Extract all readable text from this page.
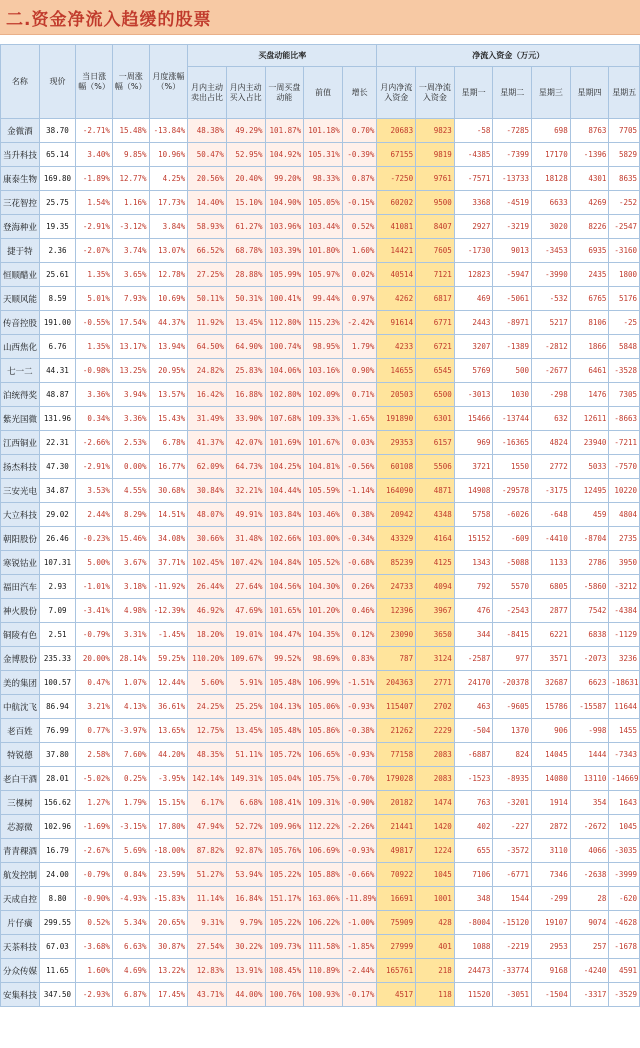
二.资金净流入趋缓的股票
名称	现价	当日涨幅（%）	一周涨幅（%）	月度涨幅（%）	买盘动能比率					净流入资金（万元）						
					月内主动卖出占比	月内主动买入占比	一周买盘动能	前值	增长	月内净流入资金	一周净流入资金	星期一	星期二	星期三	星期四	星期五
金微酒	38.70	-2.71%	15.48%	-13.84%	48.38%	49.29%	101.87%	101.18%	0.70%	20683	9823	-58	-7285	698	8763	7705
当升科技	65.14	3.40%	9.85%	10.96%	50.47%	52.95%	104.92%	105.31%	-0.39%	67155	9819	-4385	-7399	17170	-1396	5829
康泰生物	169.80	-1.89%	12.77%	4.25%	20.56%	20.40%	99.20%	98.33%	0.87%	-7250	9761	-7571	-13733	18128	4301	8635
三花智控	25.75	1.54%	1.16%	17.73%	14.40%	15.10%	104.90%	105.05%	-0.15%	60202	9500	3368	-4519	6633	4269	-252
登海种业	19.35	-2.91%	-3.12%	3.84%	58.93%	61.27%	103.96%	103.44%	0.52%	41081	8407	2927	-3219	3020	8226	-2547
捷于特	2.36	-2.07%	3.74%	13.07%	66.52%	68.78%	103.39%	101.80%	1.60%	14421	7605	-1730	9013	-3453	6935	-3160
恒顺醋业	25.61	1.35%	3.65%	12.78%	27.25%	28.88%	105.99%	105.97%	0.02%	40514	7121	12823	-5947	-3990	2435	1800
天顺风能	8.59	5.01%	7.93%	10.69%	50.11%	50.31%	100.41%	99.44%	0.97%	4262	6817	469	-5061	-532	6765	5176
传音控股	191.00	-0.55%	17.54%	44.37%	11.92%	13.45%	112.80%	115.23%	-2.42%	91614	6771	2443	-8971	5217	8106	-25
山西焦化	6.76	1.35%	13.17%	13.94%	64.50%	64.90%	100.74%	98.95%	1.79%	4233	6721	3207	-1389	-2812	1866	5848
七一二	44.31	-0.98%	13.25%	20.95%	24.82%	25.83%	104.06%	103.16%	0.90%	14655	6545	5769	500	-2677	6461	-3528
泊统得奖	48.87	3.36%	3.94%	13.57%	16.42%	16.88%	102.80%	102.09%	0.71%	20503	6500	-3013	1030	-298	1476	7305
紫光国微	131.96	0.34%	3.36%	15.43%	31.49%	33.90%	107.68%	109.33%	-1.65%	191890	6301	15466	-13744	632	12611	-8663
江西铜业	22.31	-2.66%	2.53%	6.78%	41.37%	42.07%	101.69%	101.67%	0.03%	29353	6157	969	-16365	4824	23940	-7211
扬杰科技	47.30	-2.91%	0.00%	16.77%	62.09%	64.73%	104.25%	104.81%	-0.56%	60108	5506	3721	1550	2772	5033	-7570
三安光电	34.87	3.53%	4.55%	30.68%	30.84%	32.21%	104.44%	105.59%	-1.14%	164090	4871	14908	-29578	-3175	12495	10220
大立科技	29.02	2.44%	8.29%	14.51%	48.07%	49.91%	103.84%	103.46%	0.38%	20942	4348	5758	-6026	-648	459	4804
朝阳股份	26.46	-0.23%	15.46%	34.08%	30.66%	31.48%	102.66%	103.00%	-0.34%	43329	4164	15152	-609	-4410	-8704	2735
寒锐钴业	107.31	5.00%	3.67%	37.71%	102.45%	107.42%	104.84%	105.52%	-0.68%	85239	4125	1343	-5088	1133	2786	3950
福田汽车	2.93	-1.01%	3.18%	-11.92%	26.44%	27.64%	104.56%	104.30%	0.26%	24733	4094	792	5570	6805	-5860	-3212
神火股份	7.09	-3.41%	4.98%	-12.39%	46.92%	47.69%	101.65%	101.20%	0.46%	12396	3967	476	-2543	2877	7542	-4384
铜陵有色	2.51	-0.79%	3.31%	-1.45%	18.20%	19.01%	104.47%	104.35%	0.12%	23090	3650	344	-8415	6221	6838	-1129
金博股份	235.33	20.00%	28.14%	59.25%	110.20%	109.67%	99.52%	98.69%	0.83%	787	3124	-2587	977	3571	-2073	3236
美的集团	100.57	0.47%	1.07%	12.44%	5.60%	5.91%	105.48%	106.99%	-1.51%	204363	2771	24170	-20378	32687	6623	-18631
中航沈飞	86.94	3.21%	4.13%	36.61%	24.25%	25.25%	104.13%	105.06%	-0.93%	115407	2702	463	-9605	15786	-15587	11644
老百姓	76.99	0.77%	-3.97%	13.65%	12.75%	13.45%	105.48%	105.86%	-0.38%	21262	2229	-504	1370	906	-998	1455
特锐德	37.80	2.58%	7.60%	44.20%	48.35%	51.11%	105.72%	106.65%	-0.93%	77158	2083	-6887	824	14045	1444	-7343
老白干酒	28.01	-5.02%	0.25%	-3.95%	142.14%	149.31%	105.04%	105.75%	-0.70%	179028	2083	-1523	-8935	14080	13110	-14669
三棵树	156.62	1.27%	1.79%	15.15%	6.17%	6.68%	108.41%	109.31%	-0.90%	20182	1474	763	-3201	1914	354	1643
芯源微	102.96	-1.69%	-3.15%	17.80%	47.94%	52.72%	109.96%	112.22%	-2.26%	21441	1420	402	-227	2872	-2672	1045
青青稞酒	16.79	-2.67%	5.69%	-18.00%	87.82%	92.87%	105.76%	106.69%	-0.93%	49817	1224	655	-3572	3110	4066	-3035
航发控制	24.00	-0.79%	0.84%	23.59%	51.27%	53.94%	105.22%	105.88%	-0.66%	70922	1045	7106	-6771	7346	-2638	-3999
天成自控	8.80	-0.90%	-4.93%	-15.83%	11.14%	16.84%	151.17%	163.06%	-11.89%	16691	1001	348	1544	-299	28	-620
片仔癀	299.55	0.52%	5.34%	20.65%	9.31%	9.79%	105.22%	106.22%	-1.00%	75909	428	-8004	-15120	19107	9074	-4628
天茶科技	67.03	-3.68%	6.63%	30.87%	27.54%	30.22%	109.73%	111.58%	-1.85%	27999	401	1088	-2219	2953	257	-1678
分众传媒	11.65	1.60%	4.69%	13.22%	12.83%	13.91%	108.45%	110.89%	-2.44%	165761	218	24473	-33774	9168	-4240	4591
安集科技	347.50	-2.93%	6.87%	17.45%	43.71%	44.00%	100.76%	100.93%	-0.17%	4517	118	11520	-3051	-1504	-3317	-3529
